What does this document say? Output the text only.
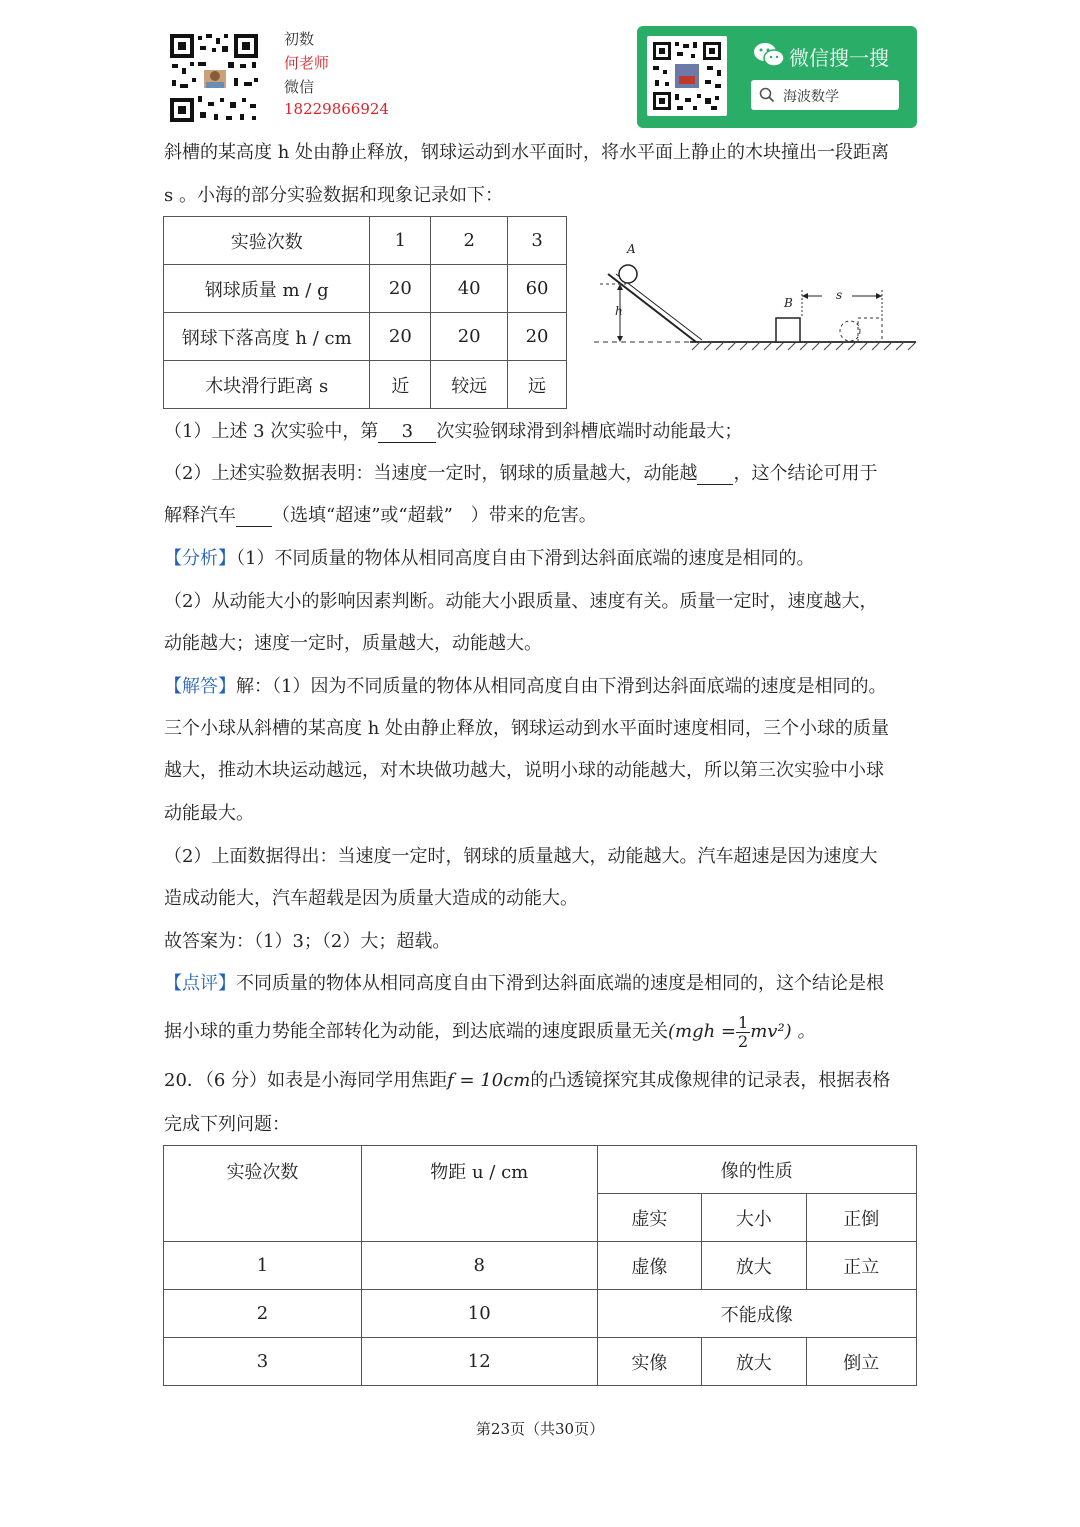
初数
何老师
微信
18229866924
微信搜一搜
海波数学
斜槽的某高度 h 处由静止释放，钢球运动到水平面时，将水平面上静止的木块撞出一段距离
s 。小海的部分实验数据和现象记录如下：
实验次数	1	2	3
钢球质量 m / g	20	40	60
钢球下落高度 h / cm	20	20	20
木块滑行距离 s	近	较远	远
A
B
h
s
（1）上述 3 次实验中，第 3 次实验钢球滑到斜槽底端时动能最大；
（2）上述实验数据表明：当速度一定时，钢球的质量越大，动能越 ，这个结论可用于
解释汽车 （选填“超速”或“超载”　）带来的危害。
【分析】（1）不同质量的物体从相同高度自由下滑到达斜面底端的速度是相同的。
（2）从动能大小的影响因素判断。动能大小跟质量、速度有关。质量一定时，速度越大，
动能越大；速度一定时，质量越大，动能越大。
【解答】解：（1）因为不同质量的物体从相同高度自由下滑到达斜面底端的速度是相同的。
三个小球从斜槽的某高度 h 处由静止释放，钢球运动到水平面时速度相同，三个小球的质量
越大，推动木块运动越远，对木块做功越大，说明小球的动能越大，所以第三次实验中小球
动能最大。
（2）上面数据得出：当速度一定时，钢球的质量越大，动能越大。汽车超速是因为速度大
造成动能大，汽车超载是因为质量大造成的动能大。
故答案为：（1）3；（2）大；超载。
【点评】不同质量的物体从相同高度自由下滑到达斜面底端的速度是相同的，这个结论是根
据小球的重力势能全部转化为动能，到达底端的速度跟质量无关$(mgh = \frac{1}{2} mv^2)$ 。
20．（6 分）如表是小海同学用焦距f = 10cm的凸透镜探究其成像规律的记录表，根据表格
完成下列问题：
实验次数	物距 u / cm	像的性质		
		虚实	大小	正倒
1	8	虚像	放大	正立
2	10	不能成像		
3	12	实像	放大	倒立
第23页（共30页）
